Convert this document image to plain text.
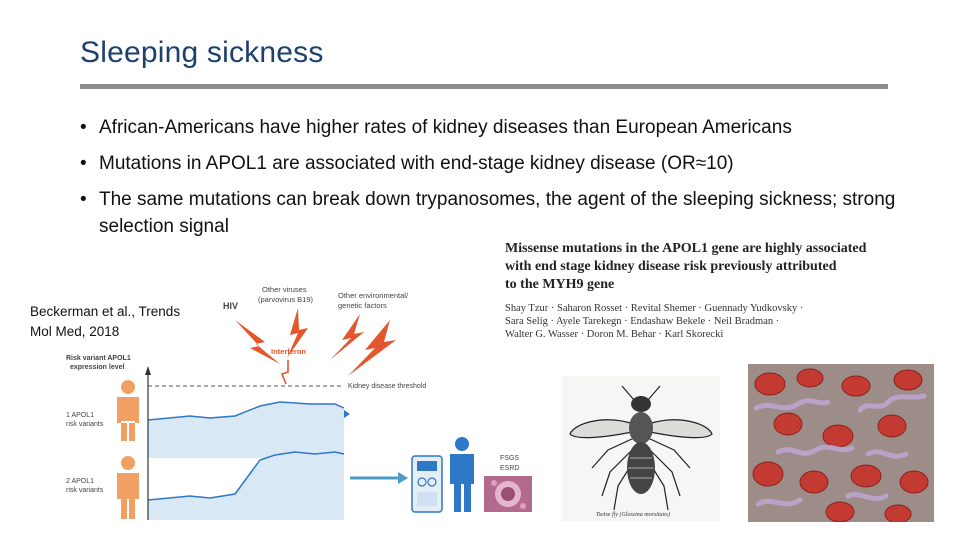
Sleeping sickness
• African-Americans have higher rates of kidney diseases than European Americans
• Mutations in APOL1 are associated with end-stage kidney disease (OR≈10)
• The same mutations can break down trypanosomes, the agent of the sleeping sickness; strong selection signal
Beckerman et al., Trends
Mol Med, 2018
Missense mutations in the APOL1 gene are highly associated
with end stage kidney disease risk previously attributed
to the MYH9 gene
Shay Tzur · Saharon Rosset · Revital Shemer · Guennady Yudkovsky ·
Sara Selig · Ayele Tarekegn · Endashaw Bekele · Neil Bradman ·
Walter G. Wasser · Doron M. Behar · Karl Skorecki
Other viruses
(parvovirus B19)
HIV
Other environmental/
genetic factors
Interferon
Risk variant APOL1
expression level
Kidney disease threshold
1 APOL1
risk variants
2 APOL1
risk variants
FSGS
ESRD
Tsetse fly (Glossina morsitans)
